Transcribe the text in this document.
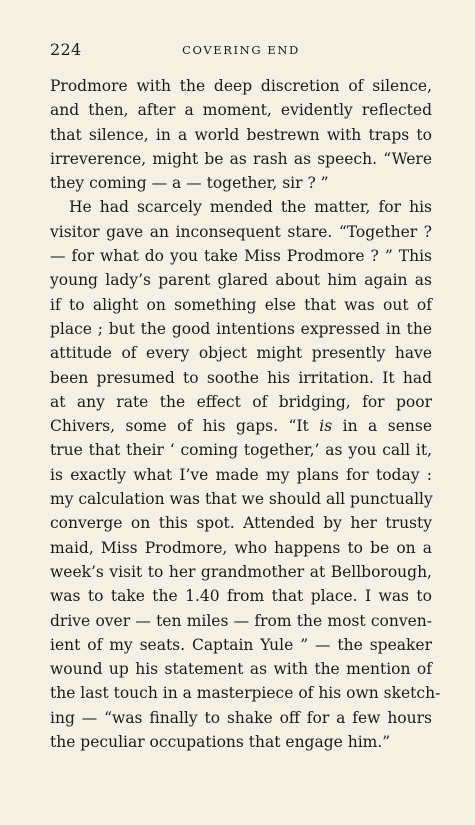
224	COVERING END
Prodmore with the deep discretion of silence,
and then, after a moment, evidently reflected
that silence, in a world bestrewn with traps to
irreverence, might be as rash as speech. “Were
they coming — a — together, sir ? ”
He had scarcely mended the matter, for his
visitor gave an inconsequent stare. “Together ?
— for what do you take Miss Prodmore ? ” This
young lady’s parent glared about him again as
if to alight on something else that was out of
place ; but the good intentions expressed in the
attitude of every object might presently have
been presumed to soothe his irritation. It had
at any rate the effect of bridging, for poor
Chivers, some of his gaps. “It is in a sense
true that their ‘ coming together,’ as you call it,
is exactly what I’ve made my plans for today :
my calculation was that we should all punctually
converge on this spot. Attended by her trusty
maid, Miss Prodmore, who happens to be on a
week’s visit to her grandmother at Bellborough,
was to take the 1.40 from that place. I was to
drive over — ten miles — from the most conven-
ient of my seats. Captain Yule ” — the speaker
wound up his statement as with the mention of
the last touch in a masterpiece of his own sketch-
ing — “was finally to shake off for a few hours
the peculiar occupations that engage him.”
